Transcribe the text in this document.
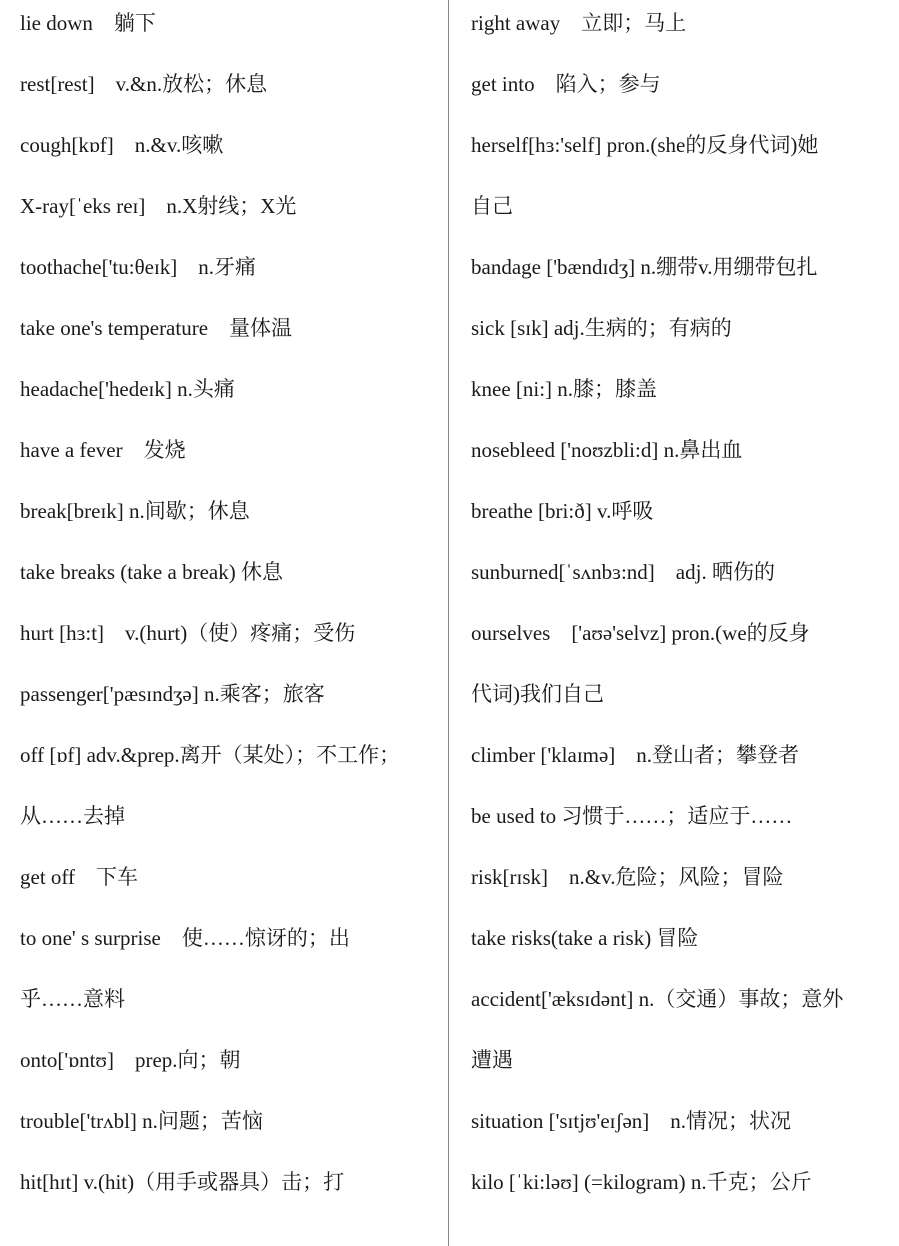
lie down　躺下
rest[rest]　v.&n.放松；休息
cough[kɒf]　n.&v.咳嗽
X-ray[ˈeks reɪ]　n.X射线；X光
toothache['tu:θeɪk]　n.牙痛
take one's temperature　量体温
headache['hedeɪk] n.头痛
have a fever　发烧
break[breɪk] n.间歇；休息
take breaks (take a break) 休息
hurt [hɜ:t]　v.(hurt)（使）疼痛；受伤
passenger['pæsɪndʒə] n.乘客；旅客
off [ɒf] adv.&prep.离开（某处）；不工作；
从……去掉
get off　下车
to one' s surprise　使……惊讶的；出
乎……意料
onto['ɒntʊ]　prep.向；朝
trouble['trʌbl] n.问题；苦恼
hit[hɪt] v.(hit)（用手或器具）击；打
right away　立即；马上
get into　陷入；参与
herself[hɜ:'self] pron.(she的反身代词)她
自己
bandage ['bændɪdʒ] n.绷带v.用绷带包扎
sick [sɪk] adj.生病的；有病的
knee [ni:] n.膝；膝盖
nosebleed ['noʊzbli:d] n.鼻出血
breathe [bri:ð] v.呼吸
sunburned[ˈsʌnbɜ:nd]　adj. 晒伤的
ourselves　['aʊə'selvz] pron.(we的反身
代词)我们自己
climber ['klaɪmə]　n.登山者；攀登者
be used to 习惯于……；适应于……
risk[rɪsk]　n.&v.危险；风险；冒险
take risks(take a risk) 冒险
accident['æksɪdənt] n.（交通）事故；意外
遭遇
situation ['sɪtjʊ'eɪʃən]　n.情况；状况
kilo [ˈki:ləʊ] (=kilogram) n.千克；公斤
